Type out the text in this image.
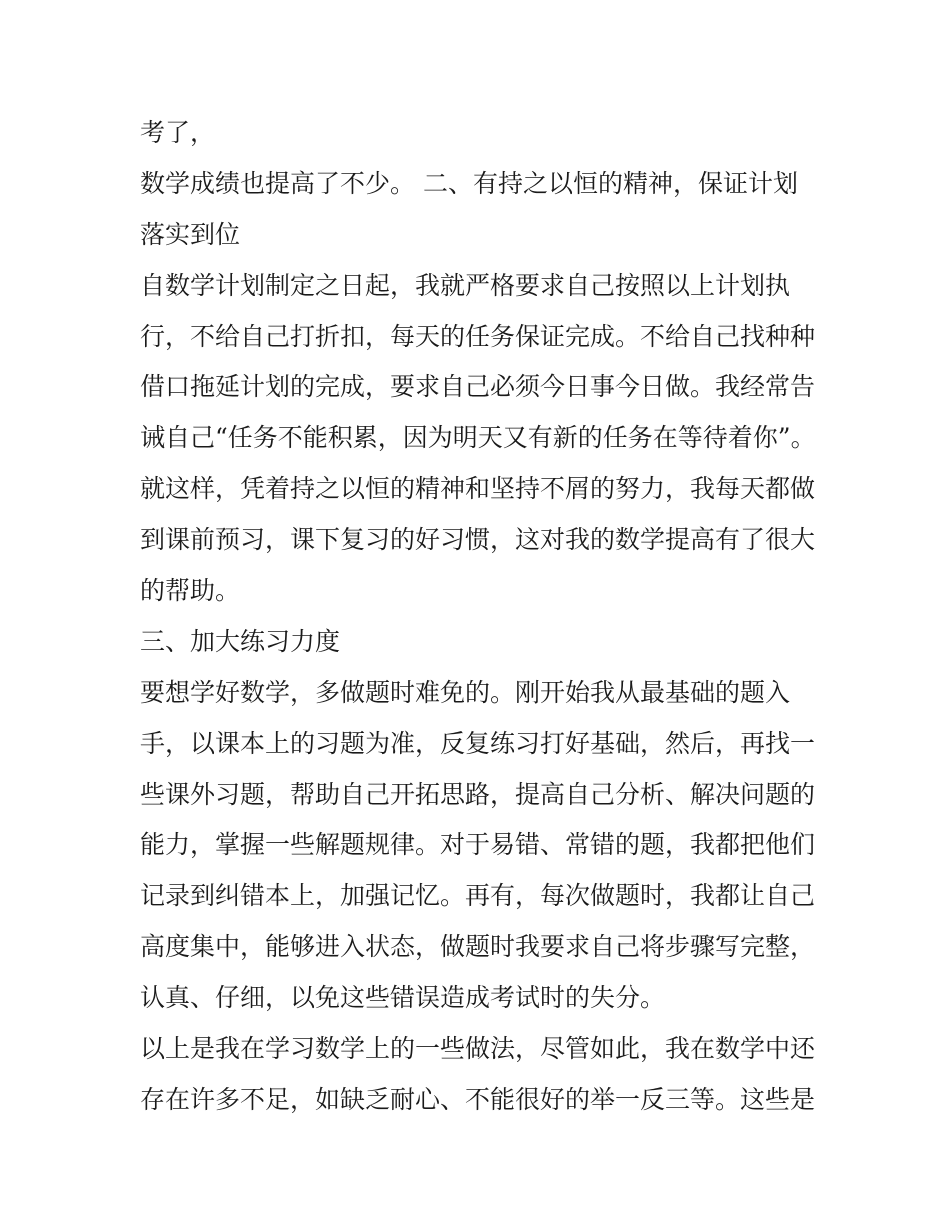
考了，
数学成绩也提高了不少。 二、有持之以恒的精神，保证计划
落实到位
自数学计划制定之日起，我就严格要求自己按照以上计划执
行，不给自己打折扣，每天的任务保证完成。不给自己找种种
借口拖延计划的完成，要求自己必须今日事今日做。我经常告
诫自己“任务不能积累，因为明天又有新的任务在等待着你”。
就这样，凭着持之以恒的精神和坚持不屑的努力，我每天都做
到课前预习，课下复习的好习惯，这对我的数学提高有了很大
的帮助。
三、加大练习力度
要想学好数学，多做题时难免的。刚开始我从最基础的题入
手，以课本上的习题为准，反复练习打好基础，然后，再找一
些课外习题，帮助自己开拓思路，提高自己分析、解决问题的
能力，掌握一些解题规律。对于易错、常错的题，我都把他们
记录到纠错本上，加强记忆。再有，每次做题时，我都让自己
高度集中，能够进入状态，做题时我要求自己将步骤写完整，
认真、仔细，以免这些错误造成考试时的失分。
以上是我在学习数学上的一些做法，尽管如此，我在数学中还
存在许多不足，如缺乏耐心、不能很好的举一反三等。这些是
